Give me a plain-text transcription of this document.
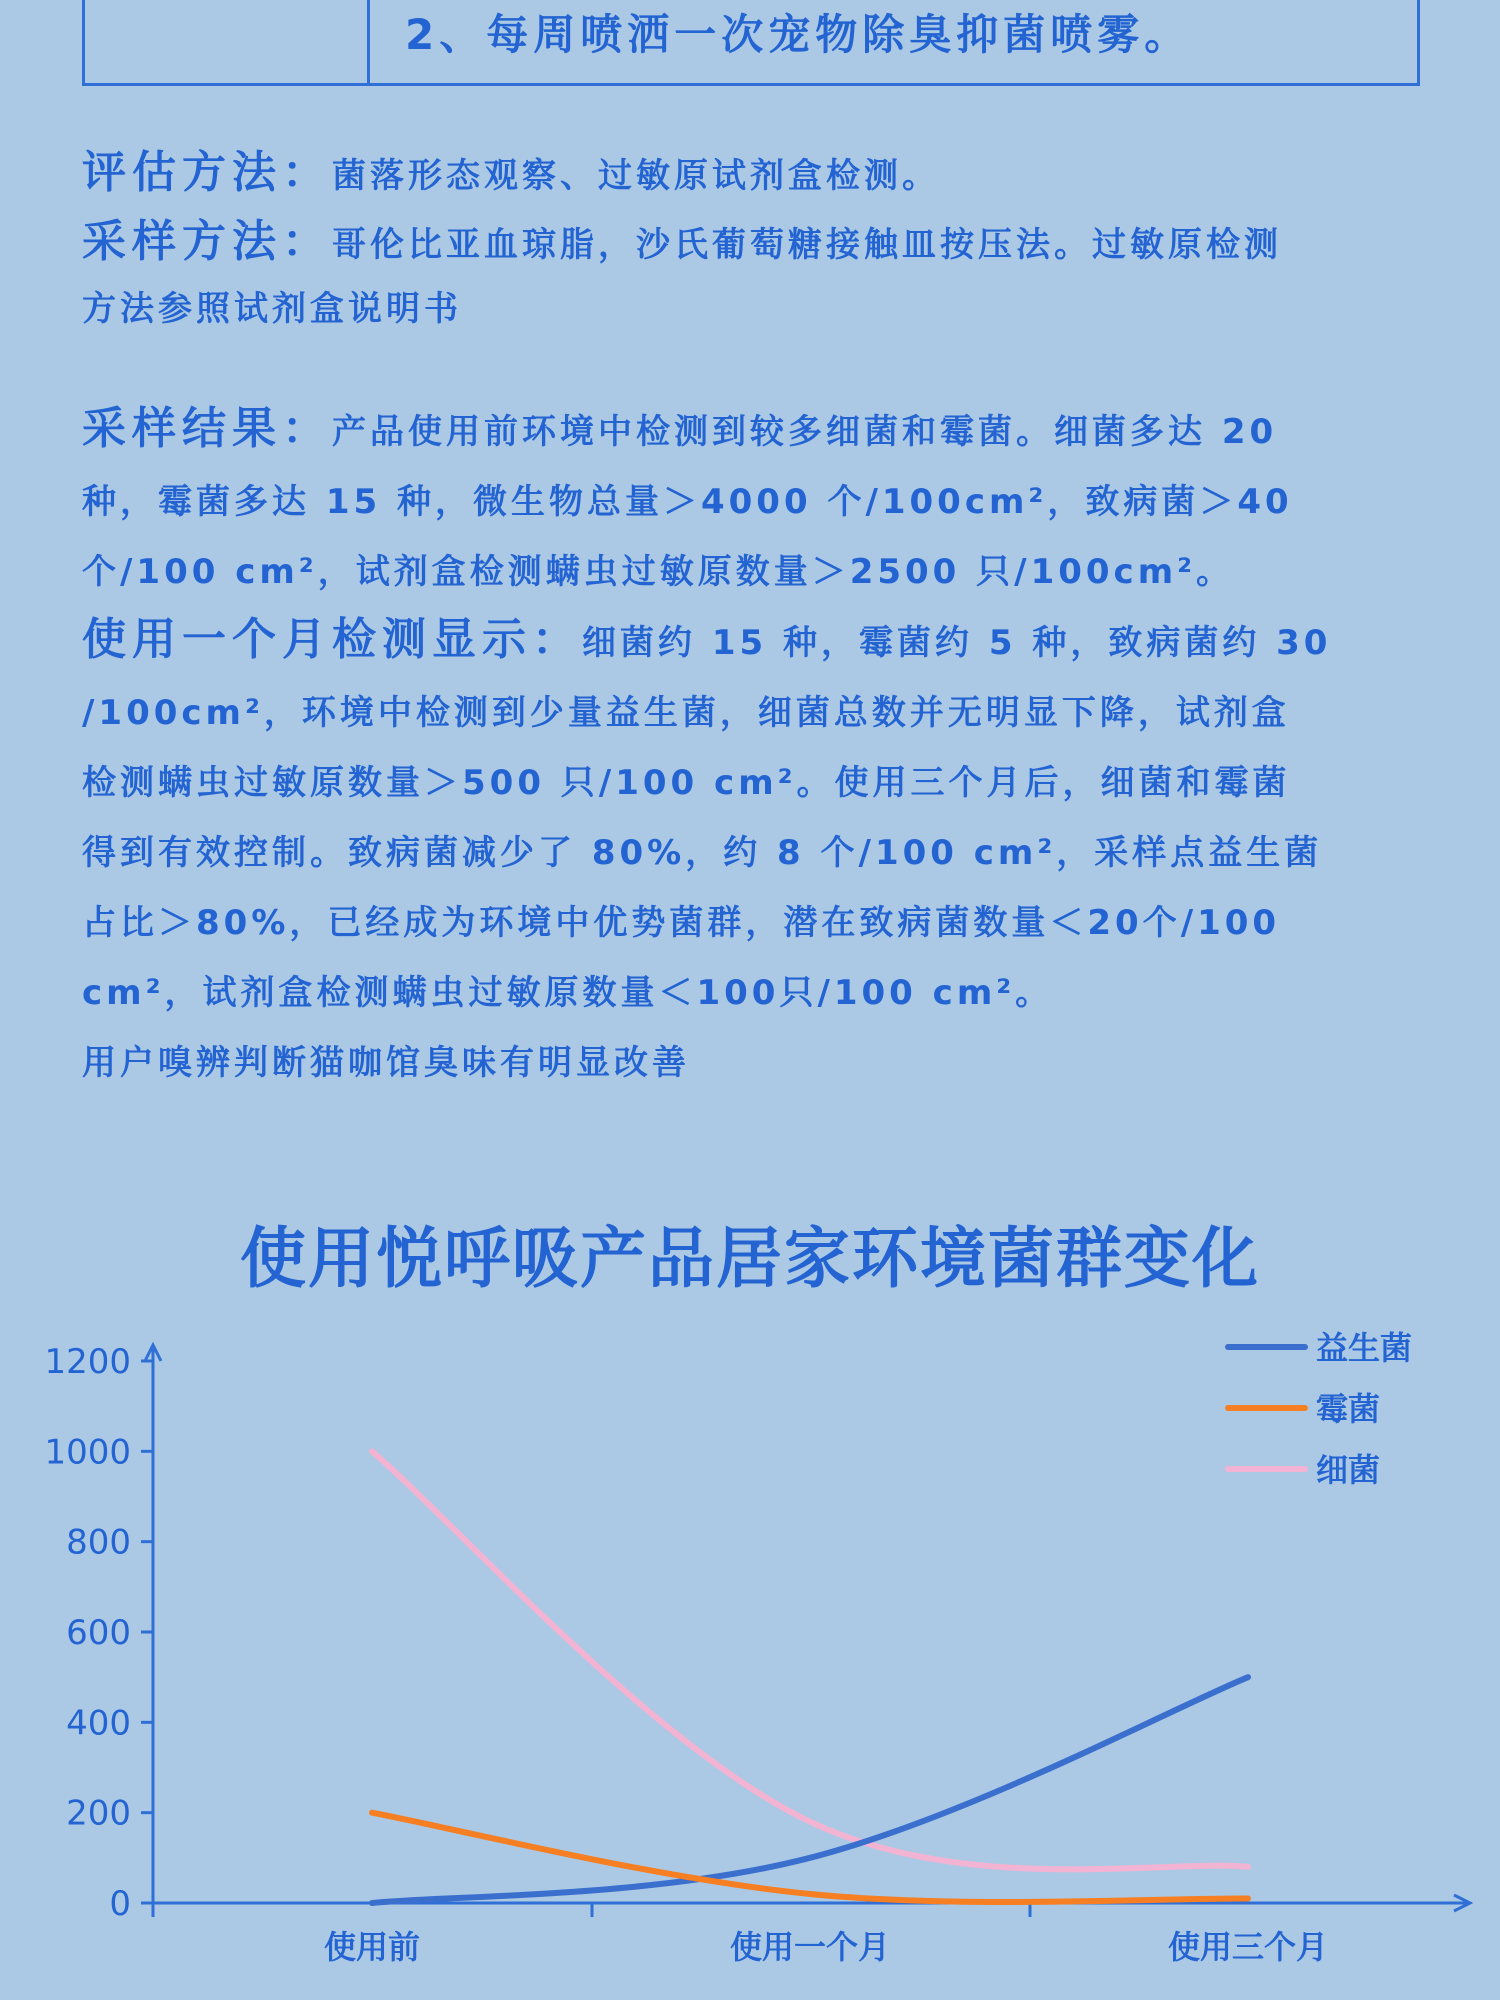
2、每周喷洒一次宠物除臭抑菌喷雾。

评估方法：菌落形态观察、过敏原试剂盒检测。

采样方法：哥伦比亚血琼脂，沙氏葡萄糖接触皿按压法。过敏原检测
方法参照试剂盒说明书
采样结果：产品使用前环境中检测到较多细菌和霉菌。细菌多达 20
种，霉菌多达 15 种，微生物总量＞4000 个/100cm²，致病菌＞40
个/100 cm²，试剂盒检测螨虫过敏原数量＞2500 只/100cm²。
使用一个月检测显示：细菌约 15 种，霉菌约 5 种，致病菌约 30
/100cm²，环境中检测到少量益生菌，细菌总数并无明显下降，试剂盒
检测螨虫过敏原数量＞500 只/100 cm²。使用三个月后，细菌和霉菌
得到有效控制。致病菌减少了 80%，约 8 个/100 cm²，采样点益生菌
占比＞80%，已经成为环境中优势菌群，潜在致病菌数量＜20个/100
cm²，试剂盒检测螨虫过敏原数量＜100只/100 cm²。
用户嗅辨判断猫咖馆臭味有明显改善
使用悦呼吸产品居家环境菌群变化
0
200
400
600
800
1000
1200
使用前	使用一个月	使用三个月
益生菌
霉菌
细菌
